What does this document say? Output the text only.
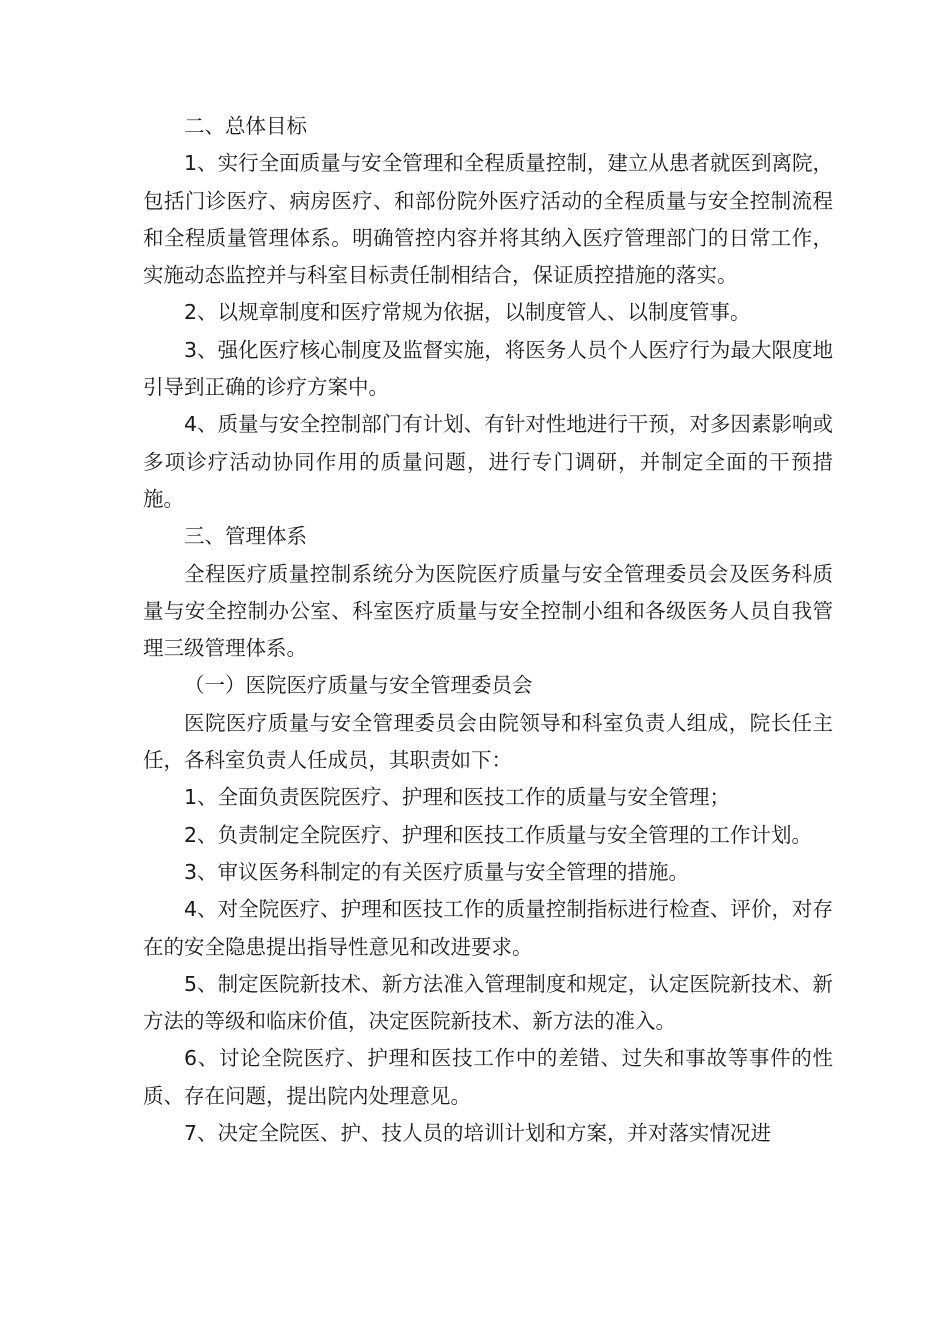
二、总体目标

1、实行全面质量与安全管理和全程质量控制，建立从患者就医到离院，包括门诊医疗、病房医疗、和部份院外医疗活动的全程质量与安全控制流程和全程质量管理体系。明确管控内容并将其纳入医疗管理部门的日常工作，实施动态监控并与科室目标责任制相结合，保证质控措施的落实。

2、以规章制度和医疗常规为依据，以制度管人、以制度管事。

3、强化医疗核心制度及监督实施，将医务人员个人医疗行为最大限度地引导到正确的诊疗方案中。

4、质量与安全控制部门有计划、有针对性地进行干预，对多因素影响或多项诊疗活动协同作用的质量问题，进行专门调研，并制定全面的干预措施。

三、管理体系

全程医疗质量控制系统分为医院医疗质量与安全管理委员会及医务科质量与安全控制办公室、科室医疗质量与安全控制小组和各级医务人员自我管理三级管理体系。

（一）医院医疗质量与安全管理委员会

医院医疗质量与安全管理委员会由院领导和科室负责人组成，院长任主任，各科室负责人任成员，其职责如下：

1、全面负责医院医疗、护理和医技工作的质量与安全管理；

2、负责制定全院医疗、护理和医技工作质量与安全管理的工作计划。

3、审议医务科制定的有关医疗质量与安全管理的措施。

4、对全院医疗、护理和医技工作的质量控制指标进行检查、评价，对存在的安全隐患提出指导性意见和改进要求。

5、制定医院新技术、新方法准入管理制度和规定，认定医院新技术、新方法的等级和临床价值，决定医院新技术、新方法的准入。

6、讨论全院医疗、护理和医技工作中的差错、过失和事故等事件的性质、存在问题，提出院内处理意见。

7、决定全院医、护、技人员的培训计划和方案，并对落实情况进
